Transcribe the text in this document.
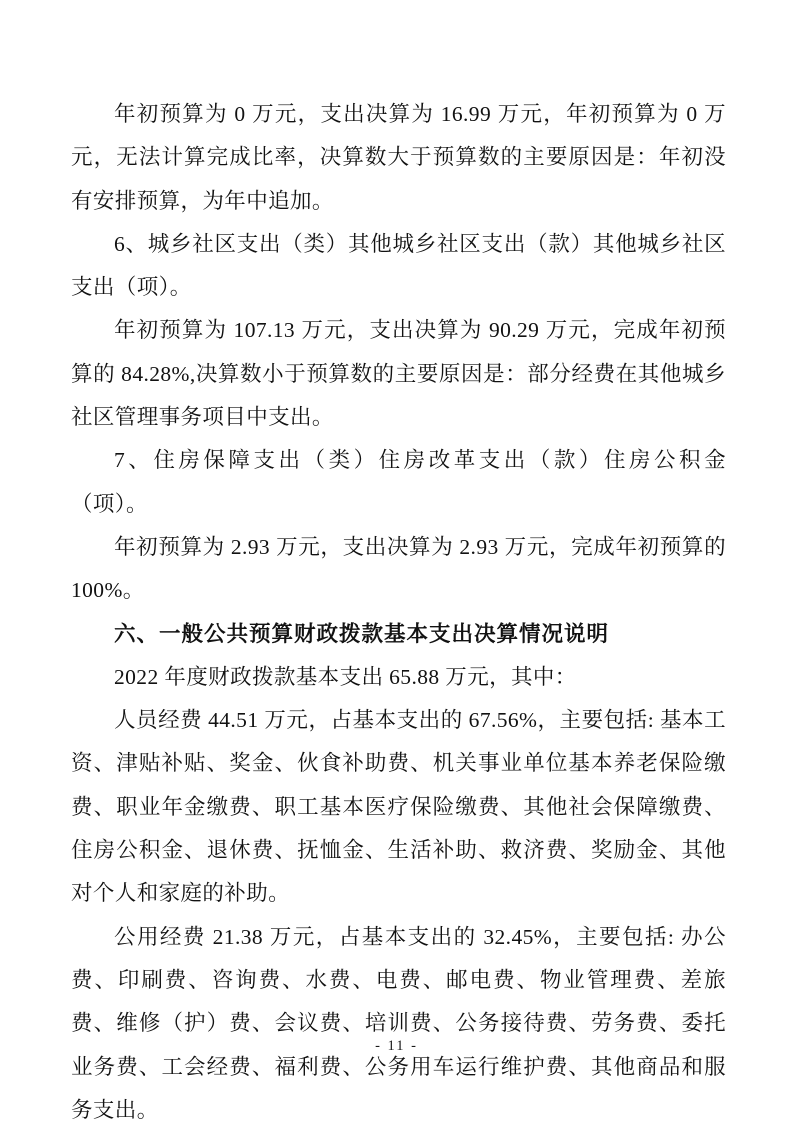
年初预算为 0 万元，支出决算为 16.99 万元，年初预算为 0 万元，无法计算完成比率，决算数大于预算数的主要原因是：年初没有安排预算，为年中追加。

6、城乡社区支出（类）其他城乡社区支出（款）其他城乡社区支出（项）。

年初预算为 107.13 万元，支出决算为 90.29 万元，完成年初预算的 84.28%,决算数小于预算数的主要原因是：部分经费在其他城乡社区管理事务项目中支出。

7、住房保障支出（类）住房改革支出（款）住房公积金（项）。

年初预算为 2.93 万元，支出决算为 2.93 万元，完成年初预算的 100%。

六、一般公共预算财政拨款基本支出决算情况说明

2022 年度财政拨款基本支出 65.88 万元，其中：

人员经费 44.51 万元，占基本支出的 67.56%，主要包括: 基本工资、津贴补贴、奖金、伙食补助费、机关事业单位基本养老保险缴费、职业年金缴费、职工基本医疗保险缴费、其他社会保障缴费、住房公积金、退休费、抚恤金、生活补助、救济费、奖励金、其他对个人和家庭的补助。

公用经费 21.38 万元，占基本支出的 32.45%，主要包括: 办公费、印刷费、咨询费、水费、电费、邮电费、物业管理费、差旅费、维修（护）费、会议费、培训费、公务接待费、劳务费、委托业务费、工会经费、福利费、公务用车运行维护费、其他商品和服务支出。

- 11 -
